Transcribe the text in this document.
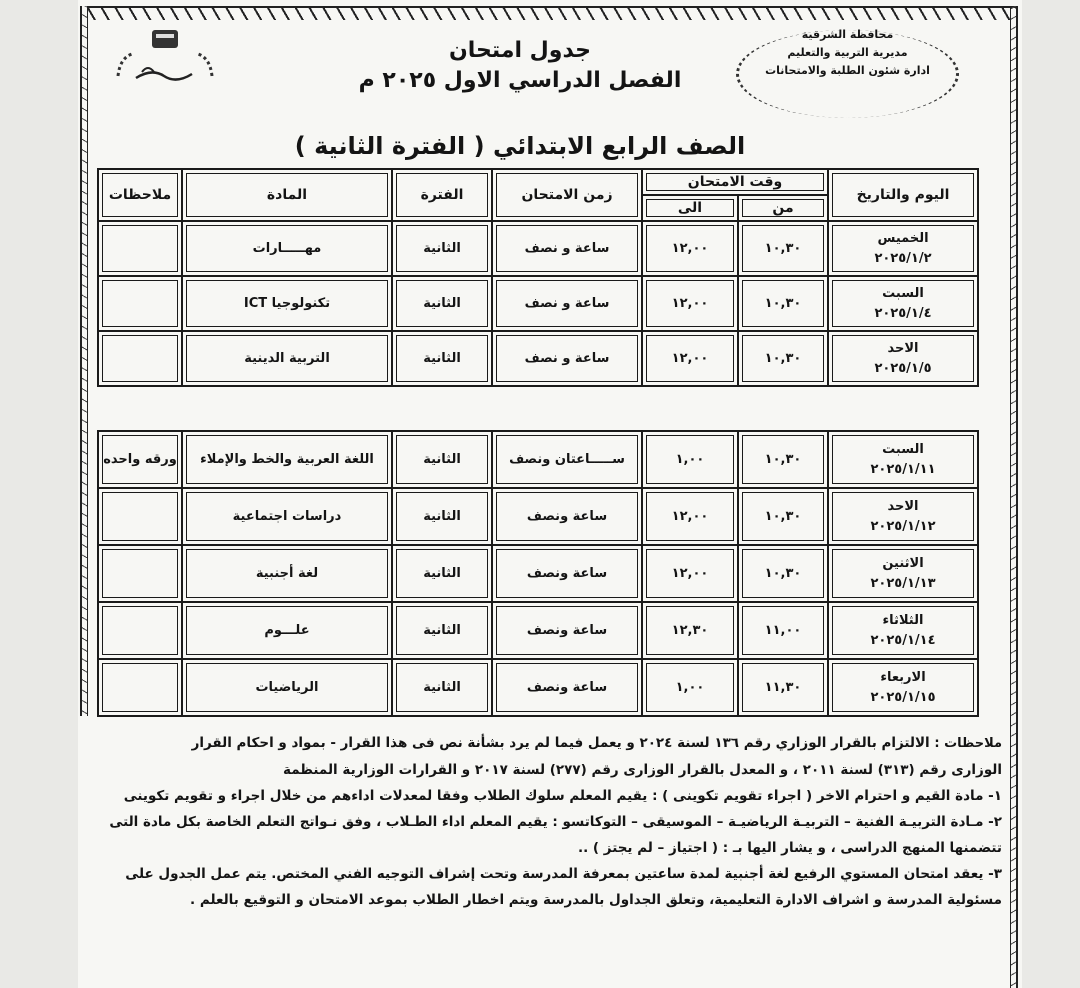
محافظة الشرقية
مديرية التربية والتعليم
ادارة شئون الطلبة والامتحانات
جدول امتحان
الفصل الدراسي الاول ٢٠٢٥ م
الصف الرابع الابتدائي ( الفترة الثانية )
اليوم والتاريخ	وقت الامتحان		زمن الامتحان	الفترة	المادة	ملاحظات
	من	الى				

الخميس
٢٠٢٥/١/٢	١٠,٣٠	١٢,٠٠	ساعة و نصف	الثانية	مهـــــارات	

السبت
٢٠٢٥/١/٤	١٠,٣٠	١٢,٠٠	ساعة و نصف	الثانية	تكنولوجيا ICT	

الاحد
٢٠٢٥/١/٥	١٠,٣٠	١٢,٠٠	ساعة و نصف	الثانية	التربية الدينية	
السبت
٢٠٢٥/١/١١	١٠,٣٠	١,٠٠	ســـــاعتان ونصف	الثانية	اللغة العربية والخط والإملاء	ورقه واحده

الاحد
٢٠٢٥/١/١٢	١٠,٣٠	١٢,٠٠	ساعة ونصف	الثانية	دراسات اجتماعية	

الاثنين
٢٠٢٥/١/١٣	١٠,٣٠	١٢,٠٠	ساعة ونصف	الثانية	لغة أجنبية	

الثلاثاء
٢٠٢٥/١/١٤	١١,٠٠	١٢,٣٠	ساعة ونصف	الثانية	علـــوم	

الاربعاء
٢٠٢٥/١/١٥	١١,٣٠	١,٠٠	ساعة ونصف	الثانية	الرياضيات	

ملاحظات : الالتزام بالقرار الوزاري رقم ١٣٦ لسنة ٢٠٢٤ و يعمل فيما لم يرد بشأنة نص فى هذا القرار - بمواد و احكام القرار

الوزارى رقم (٣١٣) لسنة ٢٠١١ ، و المعدل بالقرار الوزارى رقم (٢٧٧) لسنة ٢٠١٧ و القرارات الوزارية المنظمة

١- مادة القيم و احترام الاخر ( اجراء تقويم تكوينى ) : يقيم المعلم سلوك الطلاب وفقا لمعدلات اداءهم من خلال اجراء و تقويم تكوينى

٢- مـادة التربيـة الفنية – التربيـة الرياضيـة – الموسيقى – التوكاتسو : يقيم المعلم اداء الطـلاب ، وفق نـواتج التعلم الخاصة بكل مادة التى تتضمنها المنهج الدراسى ، و يشار اليها بـ : ( اجتياز – لم يجتز ) ..

٣- يعقد امتحان المستوي الرفيع لغة أجنبية لمدة ساعتين بمعرفة المدرسة وتحت إشراف التوجيه الفني المختص. يتم عمل الجدول على مسئولية المدرسة و اشراف الادارة التعليمية، وتعلق الجداول بالمدرسة ويتم اخطار الطلاب بموعد الامتحان و التوقيع بالعلم .
